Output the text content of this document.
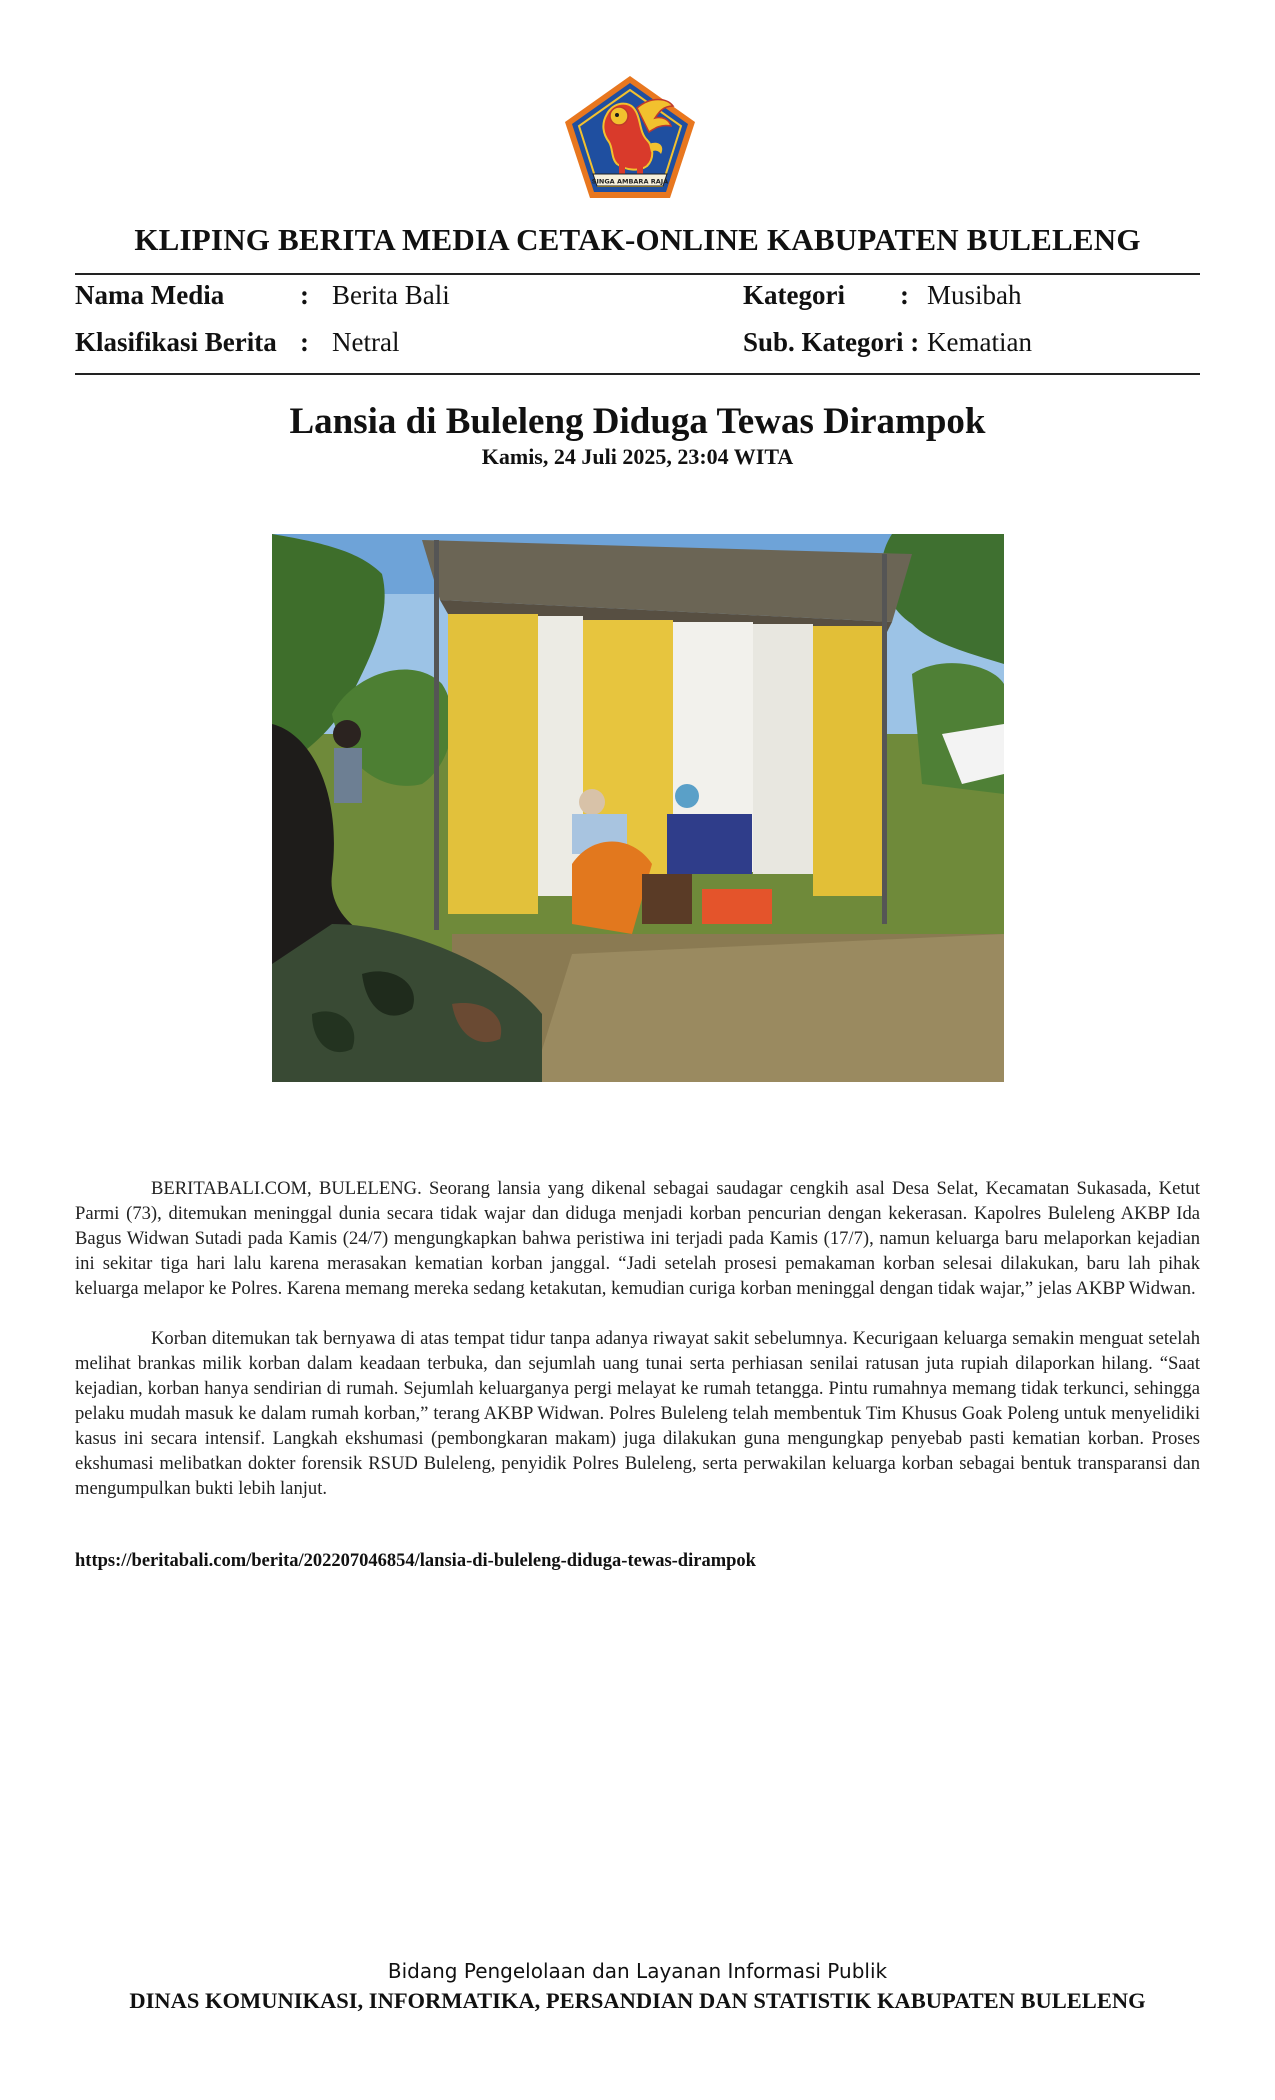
SINGA AMBARA RAJA
KLIPING BERITA MEDIA CETAK-ONLINE KABUPATEN BULELENG
Nama Media	: Berita Bali	Kategori : Musibah
Klasifikasi Berita : Netral	Sub. Kategori : Kematian
Lansia di Buleleng Diduga Tewas Dirampok
Kamis, 24 Juli 2025, 23:04 WITA

BERITABALI.COM, BULELENG. Seorang lansia yang dikenal sebagai saudagar cengkih asal Desa Selat, Kecamatan Sukasada, Ketut Parmi (73), ditemukan meninggal dunia secara tidak wajar dan diduga menjadi korban pencurian dengan kekerasan. Kapolres Buleleng AKBP Ida Bagus Widwan Sutadi pada Kamis (24/7) mengungkapkan bahwa peristiwa ini terjadi pada Kamis (17/7), namun keluarga baru melaporkan kejadian ini sekitar tiga hari lalu karena merasakan kematian korban janggal. “Jadi setelah prosesi pemakaman korban selesai dilakukan, baru lah pihak keluarga melapor ke Polres. Karena memang mereka sedang ketakutan, kemudian curiga korban meninggal dengan tidak wajar,” jelas AKBP Widwan.

Korban ditemukan tak bernyawa di atas tempat tidur tanpa adanya riwayat sakit sebelumnya. Kecurigaan keluarga semakin menguat setelah melihat brankas milik korban dalam keadaan terbuka, dan sejumlah uang tunai serta perhiasan senilai ratusan juta rupiah dilaporkan hilang. “Saat kejadian, korban hanya sendirian di rumah. Sejumlah keluarganya pergi melayat ke rumah tetangga. Pintu rumahnya memang tidak terkunci, sehingga pelaku mudah masuk ke dalam rumah korban,” terang AKBP Widwan. Polres Buleleng telah membentuk Tim Khusus Goak Poleng untuk menyelidiki kasus ini secara intensif. Langkah ekshumasi (pembongkaran makam) juga dilakukan guna mengungkap penyebab pasti kematian korban. Proses ekshumasi melibatkan dokter forensik RSUD Buleleng, penyidik Polres Buleleng, serta perwakilan keluarga korban sebagai bentuk transparansi dan mengumpulkan bukti lebih lanjut.

https://beritabali.com/berita/202207046854/lansia-di-buleleng-diduga-tewas-dirampok
Bidang Pengelolaan dan Layanan Informasi Publik
DINAS KOMUNIKASI, INFORMATIKA, PERSANDIAN DAN STATISTIK KABUPATEN BULELENG
